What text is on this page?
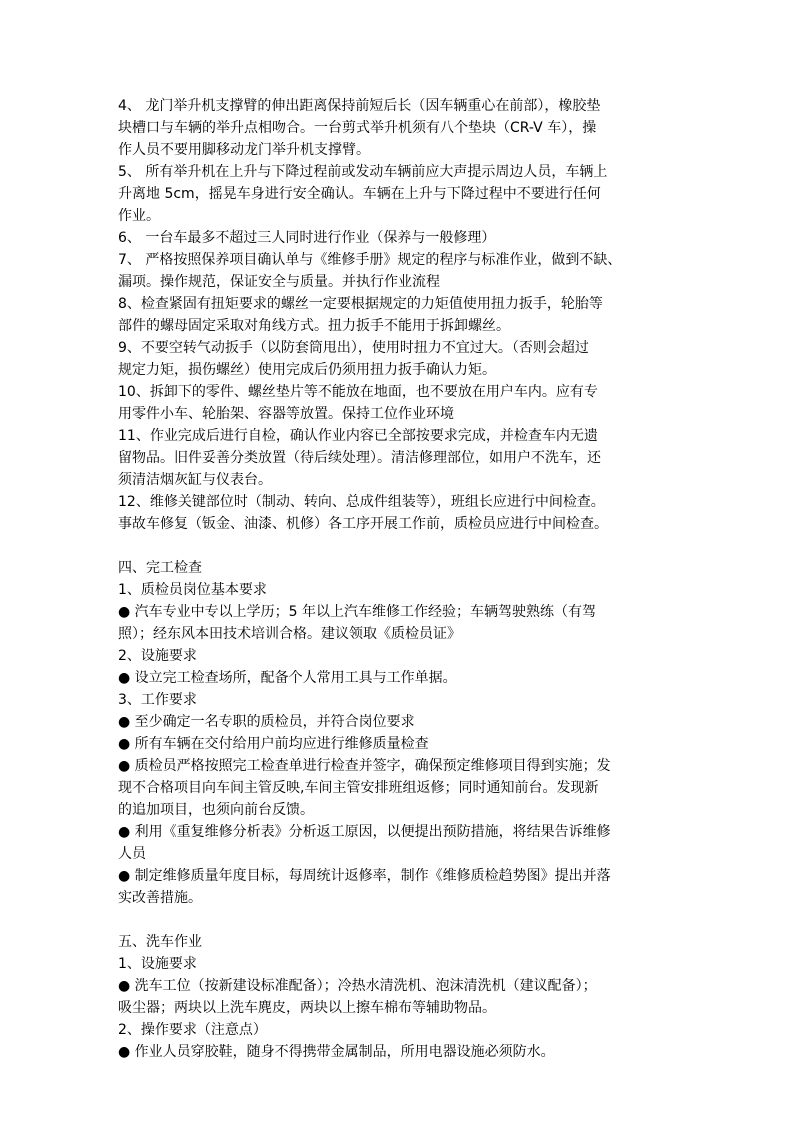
4、 龙门举升机支撑臂的伸出距离保持前短后长（因车辆重心在前部），橡胶垫
块槽口与车辆的举升点相吻合。一台剪式举升机须有八个垫块（CR-V 车），操
作人员不要用脚移动龙门举升机支撑臂。
5、 所有举升机在上升与下降过程前或发动车辆前应大声提示周边人员，车辆上
升离地 5cm，摇晃车身进行安全确认。车辆在上升与下降过程中不要进行任何
作业。
6、 一台车最多不超过三人同时进行作业（保养与一般修理）
7、 严格按照保养项目确认单与《维修手册》规定的程序与标准作业，做到不缺、
漏项。操作规范，保证安全与质量。并执行作业流程
8、检查紧固有扭矩要求的螺丝一定要根据规定的力矩值使用扭力扳手，轮胎等
部件的螺母固定采取对角线方式。扭力扳手不能用于拆卸螺丝。
9、不要空转气动扳手（以防套筒甩出），使用时扭力不宜过大。（否则会超过
规定力矩，损伤螺丝）使用完成后仍须用扭力扳手确认力矩。
10、拆卸下的零件、螺丝垫片等不能放在地面，也不要放在用户车内。应有专
用零件小车、轮胎架、容器等放置。保持工位作业环境
11、作业完成后进行自检，确认作业内容已全部按要求完成，并检查车内无遗
留物品。旧件妥善分类放置（待后续处理）。清洁修理部位，如用户不洗车，还
须清洁烟灰缸与仪表台。
12、维修关键部位时（制动、转向、总成件组装等），班组长应进行中间检查。
事故车修复（钣金、油漆、机修）各工序开展工作前，质检员应进行中间检查。
四、完工检查
1、质检员岗位基本要求
● 汽车专业中专以上学历；5 年以上汽车维修工作经验；车辆驾驶熟练（有驾
照）；经东风本田技术培训合格。建议领取《质检员证》
2、设施要求
● 设立完工检查场所，配备个人常用工具与工作单据。
3、工作要求
● 至少确定一名专职的质检员，并符合岗位要求
● 所有车辆在交付给用户前均应进行维修质量检查
● 质检员严格按照完工检查单进行检查并签字，确保预定维修项目得到实施；发
现不合格项目向车间主管反映,车间主管安排班组返修；同时通知前台。发现新
的追加项目，也须向前台反馈。
● 利用《重复维修分析表》分析返工原因，以便提出预防措施，将结果告诉维修
人员
● 制定维修质量年度目标，每周统计返修率，制作《维修质检趋势图》提出并落
实改善措施。
五、洗车作业
1、设施要求
● 洗车工位（按新建设标准配备）；冷热水清洗机、泡沫清洗机（建议配备）；
吸尘器；两块以上洗车麂皮，两块以上擦车棉布等辅助物品。
2、操作要求（注意点）
● 作业人员穿胶鞋，随身不得携带金属制品，所用电器设施必须防水。
